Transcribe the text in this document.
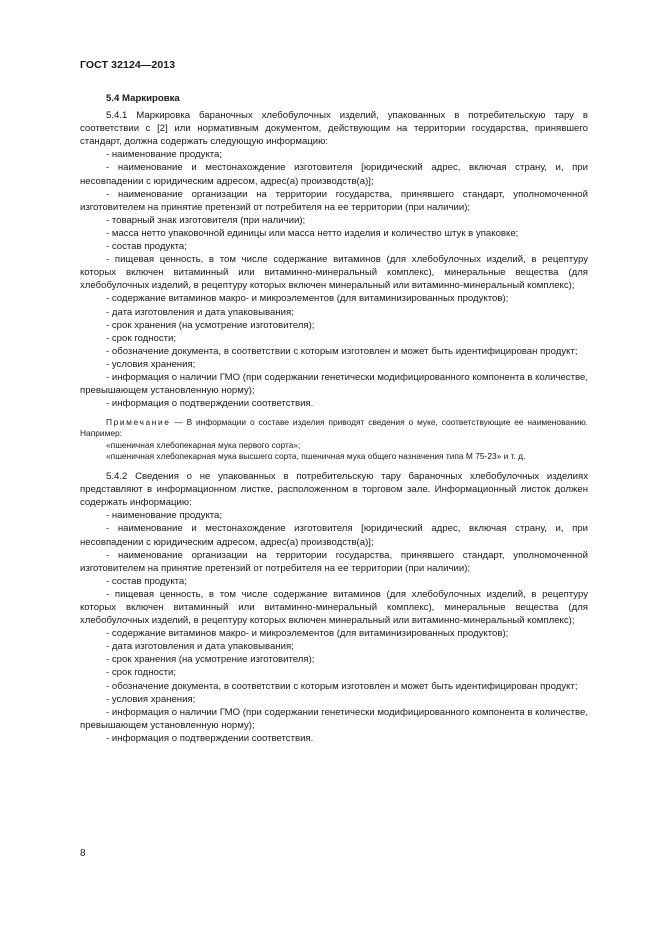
ГОСТ 32124—2013
5.4 Маркировка

5.4.1 Маркировка бараночных хлебобулочных изделий, упакованных в потребительскую тару в соответствии с [2] или нормативным документом, действующим на территории государства, принявшего стандарт, должна содержать следующую информацию:

- наименование продукта;

- наименование и местонахождение изготовителя [юридический адрес, включая страну, и, при несовпадении с юридическим адресом, адрес(а) производств(а)];

- наименование организации на территории государства, принявшего стандарт, уполномоченной изготовителем на принятие претензий от потребителя на ее территории (при наличии);

- товарный знак изготовителя (при наличии);

- масса нетто упаковочной единицы или масса нетто изделия и количество штук в упаковке;

- состав продукта;

- пищевая ценность, в том числе содержание витаминов (для хлебобулочных изделий, в рецептуру которых включен витаминный или витаминно-минеральный комплекс), минеральные вещества (для хлебобулочных изделий, в рецептуру которых включен минеральный или витаминно-минеральный комплекс);

- содержание витаминов макро- и микроэлементов (для витаминизированных продуктов);

- дата изготовления и дата упаковывания;

- срок хранения (на усмотрение изготовителя);

- срок годности;

- обозначение документа, в соответствии с которым изготовлен и может быть идентифицирован продукт;

- условия хранения;

- информация о наличии ГМО (при содержании генетически модифицированного компонента в количестве, превышающем установленную норму);

- информация о подтверждении соответствия.

Примечание — В информации о составе изделия приводят сведения о муке, соответствующие ее наименованию. Например:

«пшеничная хлебопекарная мука первого сорта»;

«пшеничная хлебопекарная мука высшего сорта, пшеничная мука общего назначения типа М 75-23» и т. д.

5.4.2 Сведения о не упакованных в потребительскую тару бараночных хлебобулочных изделиях представляют в информационном листке, расположенном в торговом зале. Информационный листок должен содержать информацию:

- наименование продукта;

- наименование и местонахождение изготовителя [юридический адрес, включая страну, и, при несовпадении с юридическим адресом, адрес(а) производств(а)];

- наименование организации на территории государства, принявшего стандарт, уполномоченной изготовителем на принятие претензий от потребителя на ее территории (при наличии);

- состав продукта;

- пищевая ценность, в том числе содержание витаминов (для хлебобулочных изделий, в рецептуру которых включен витаминный или витаминно-минеральный комплекс), минеральные вещества (для хлебобулочных изделий, в рецептуру которых включен минеральный или витаминно-минеральный комплекс);

- содержание витаминов макро- и микроэлементов (для витаминизированных продуктов);

- дата изготовления и дата упаковывания;

- срок хранения (на усмотрение изготовителя);

- срок годности;

- обозначение документа, в соответствии с которым изготовлен и может быть идентифицирован продукт;

- условия хранения;

- информация о наличии ГМО (при содержании генетически модифицированного компонента в количестве, превышающем установленную норму);

- информация о подтверждении соответствия.

8
